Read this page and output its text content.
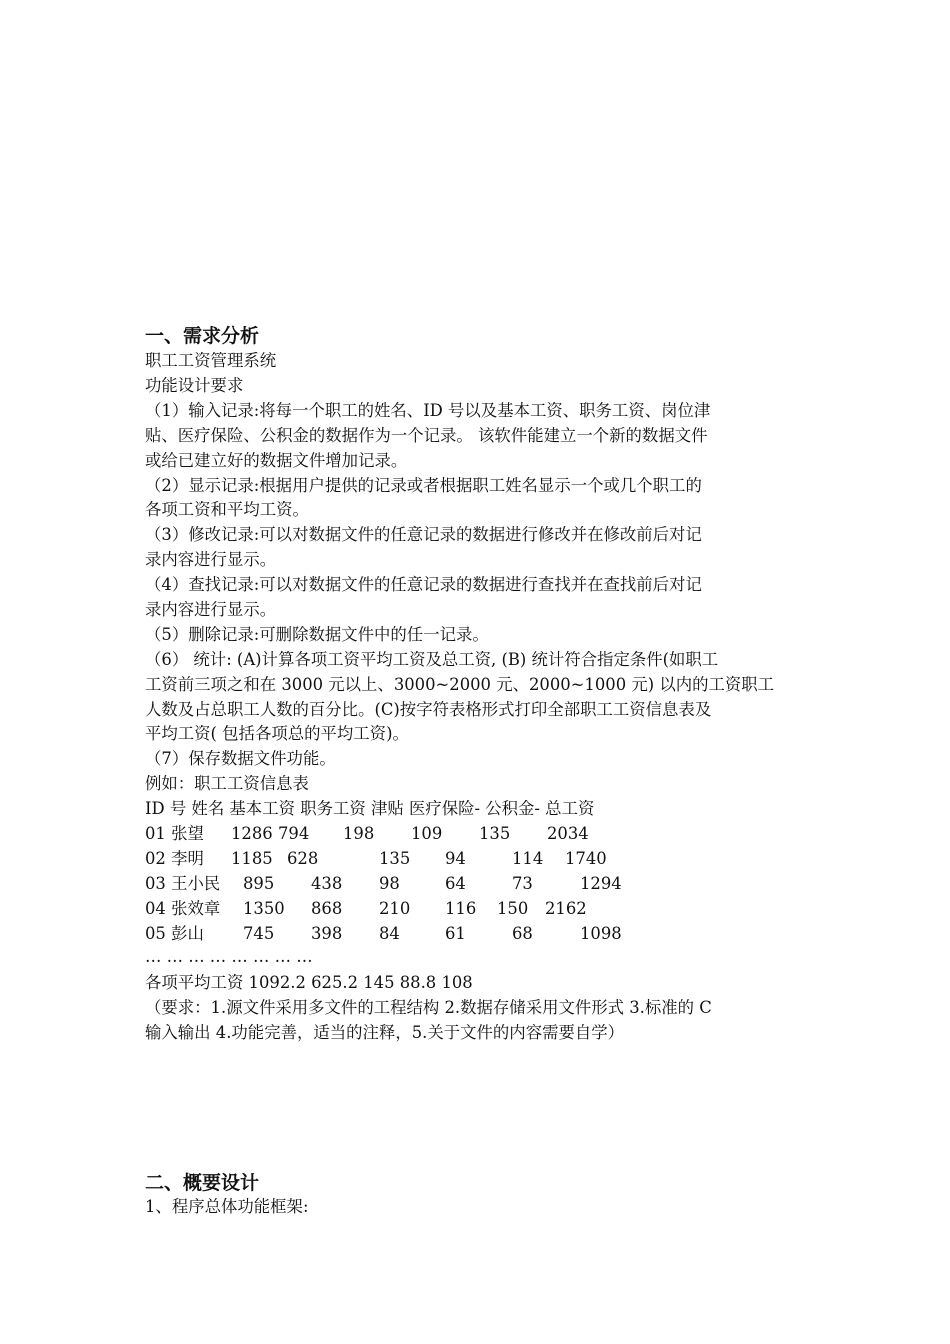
一、需求分析
职工工资管理系统
功能设计要求
（1）输入记录:将每一个职工的姓名、ID 号以及基本工资、职务工资、岗位津
贴、医疗保险、公积金的数据作为一个记录。 该软件能建立一个新的数据文件
或给已建立好的数据文件增加记录。
（2）显示记录:根据用户提供的记录或者根据职工姓名显示一个或几个职工的
各项工资和平均工资。
（3）修改记录:可以对数据文件的任意记录的数据进行修改并在修改前后对记
录内容进行显示。
（4）查找记录:可以对数据文件的任意记录的数据进行查找并在查找前后对记
录内容进行显示。
（5）删除记录:可删除数据文件中的任一记录。
（6） 统计: (A)计算各项工资平均工资及总工资, (B) 统计符合指定条件(如职工
工资前三项之和在 3000 元以上、3000~2000 元、2000~1000 元) 以内的工资职工
人数及占总职工人数的百分比。(C)按字符表格形式打印全部职工工资信息表及
平均工资( 包括各项总的平均工资)。
（7）保存数据文件功能。
例如：职工工资信息表
ID 号 姓名 基本工资 职务工资 津贴 医疗保险- 公积金- 总工资
01 张望 1286 794 198 109 135 2034
02 李明 1185 628	135 94	114 1740
03 王小民 895 438 98	64	73	1294
04 张效章 1350 868 210 116 150 2162
05 彭山 745 398 84	61	68	1098
… … … … … … … …
各项平均工资 1092.2 625.2 145 88.8 108
（要求：1.源文件采用多文件的工程结构 2.数据存储采用文件形式 3.标准的 C
输入输出 4.功能完善，适当的注释，5.关于文件的内容需要自学）
二、概要设计
1、程序总体功能框架:
